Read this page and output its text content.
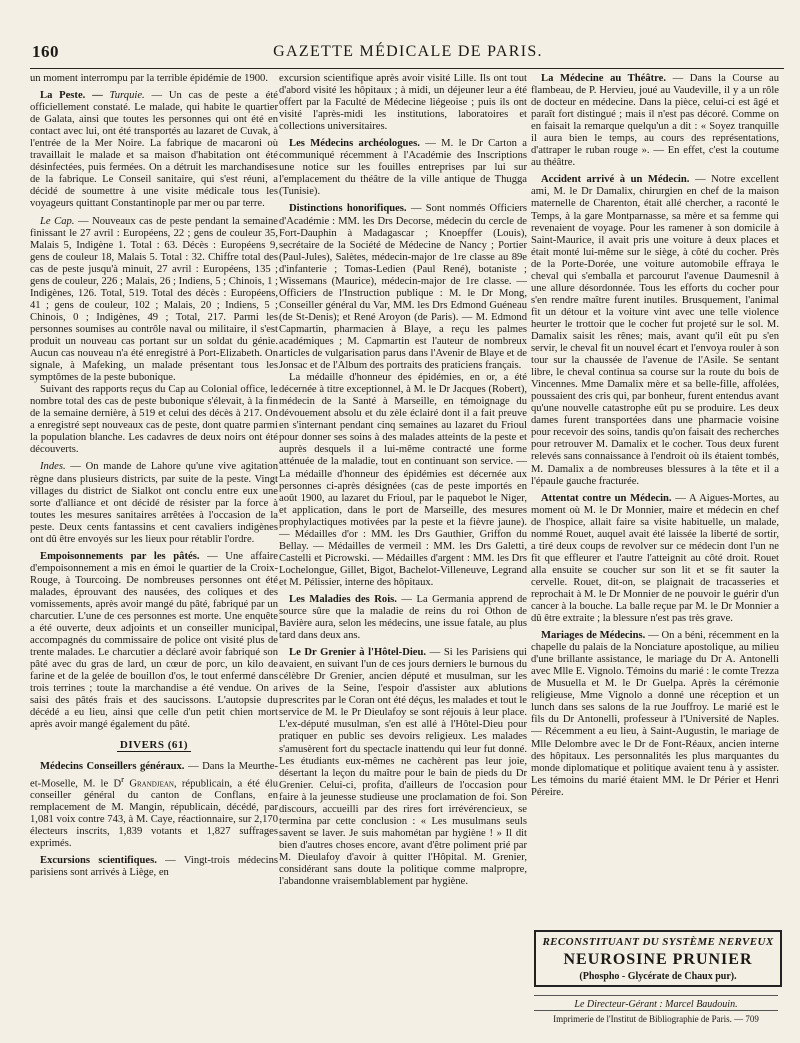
160	GAZETTE MÉDICALE DE PARIS.

un moment interrompu par la terrible épidémie de 1900.

La Peste. — Turquie. — Un cas de peste a été officiellement constaté. Le malade, qui habite le quartier de Galata, ainsi que toutes les personnes qui ont été en contact avec lui, ont été transportés au lazaret de Cuvak, à l'entrée de la Mer Noire. La fabrique de macaroni où travaillait le malade et sa maison d'habitation ont été désinfectées, puis fermées. On a détruit les marchandises de la fabrique. Le Conseil sanitaire, qui s'est réuni, a décidé de soumettre à une visite médicale tous les voyageurs quittant Constantinople par mer ou par terre.

Le Cap. — Nouveaux cas de peste pendant la semaine finissant le 27 avril : Européens, 22 ; gens de couleur 35, Malais 5, Indigène 1. Total : 63. Décès : Européens 9, gens de couleur 18, Malais 5. Total : 32. Chiffre total des cas de peste jusqu'à minuit, 27 avril : Européens, 135 ; gens de couleur, 226 ; Malais, 26 ; Indiens, 5 ; Chinois, 1 ; Indigènes, 126. Total, 519. Total des décès : Européens, 41 ; gens de couleur, 102 ; Malais, 20 ; Indiens, 5 ; Chinois, 0 ; Indigènes, 49 ; Total, 217. Parmi les personnes soumises au contrôle naval ou militaire, il s'est produit un nouveau cas portant sur un soldat du génie. Aucun cas nouveau n'a été enregistré à Port-Elizabeth. On signale, à Mafeking, un malade présentant tous les symptômes de la peste bubonique.

Suivant des rapports reçus du Cap au Colonial office, le nombre total des cas de peste bubonique s'élevait, à la fin de la semaine dernière, à 519 et celui des décès à 217. On a enregistré sept nouveaux cas de peste, dont quatre parmi la population blanche. Les cadavres de deux noirs ont été découverts.

Indes. — On mande de Lahore qu'une vive agitation règne dans plusieurs districts, par suite de la peste. Vingt villages du district de Sialkot ont conclu entre eux une sorte d'alliance et ont décidé de résister par la force à toutes les mesures sanitaires arrêtées à l'occasion de la peste. Deux cents fantassins et cent cavaliers indigènes ont dû être envoyés sur les lieux pour rétablir l'ordre.

Empoisonnements par les pâtés. — Une affaire d'empoisonnement a mis en émoi le quartier de la Croix-Rouge, à Tourcoing. De nombreuses personnes ont été malades, éprouvant des nausées, des coliques et des vomissements, après avoir mangé du pâté, fabriqué par un charcutier. L'une de ces personnes est morte. Une enquête a été ouverte, deux adjoints et un conseiller municipal, accompagnés du commissaire de police ont visité plus de trente malades. Le charcutier a déclaré avoir fabriqué son pâté avec du gras de lard, un cœur de porc, un kilo de farine et de la gelée de bouillon d'os, le tout enfermé dans trois terrines ; toute la marchandise a été vendue. On a saisi des pâtés frais et des saucissons. L'autopsie du décédé a eu lieu, ainsi que celle d'un petit chien mort après avoir mangé également du pâté.

DIVERS (61)

Médecins Conseillers généraux. — Dans la Meurthe-et-Moselle, M. le $D^r$ Grandjean, républicain, a été élu conseiller général du canton de Conflans, en remplacement de M. Mangin, républicain, décédé, par 1,081 voix contre 743, à M. Caye, réactionnaire, sur 2,170 électeurs inscrits, 1,839 votants et 1,827 suffrages exprimés.

Excursions scientifiques. — Vingt-trois médecins parisiens sont arrivés à Liège, en

excursion scientifique après avoir visité Lille. Ils ont tout d'abord visité les hôpitaux ; à midi, un déjeuner leur a été offert par la Faculté de Médecine liégeoise ; puis ils ont visité l'après-midi les institutions, laboratoires et collections universitaires.

Les Médecins archéologues. — M. le Dr Carton a communiqué récemment à l'Académie des Inscriptions une notice sur les fouilles entreprises par lui sur l'emplacement du théâtre de la ville antique de Thugga (Tunisie).

Distinctions honorifiques. — Sont nommés Officiers d'Académie : MM. les Drs Decorse, médecin du cercle de Fort-Dauphin à Madagascar ; Knoepffer (Louis), secrétaire de la Société de Médecine de Nancy ; Portier (Paul-Jules), Salètes, médecin-major de 1re classe au 89e d'infanterie ; Tomas-Ledien (Paul René), botaniste ; Wissemans (Maurice), médecin-major de 1re classe. — Officiers de l'Instruction publique : M. le Dr Mong, Conseiller général du Var, MM. les Drs Edmond Guéneau (de St-Denis); et René Aroyon (de Paris). — M. Edmond Capmartin, pharmacien à Blaye, a reçu les palmes académiques ; M. Capmartin est l'auteur de nombreux articles de vulgarisation parus dans l'Avenir de Blaye et de Jonsac et de l'Album des portraits des praticiens français.

La médaille d'honneur des épidémies, en or, a été décernée à titre exceptionnel, à M. le Dr Jacques (Robert), médecin de la Santé à Marseille, en témoignage du dévouement absolu et du zèle éclairé dont il a fait preuve en s'internant pendant cinq semaines au lazaret du Frioul pour donner ses soins à des malades atteints de la peste et auprès desquels il a lui-même contracté une forme atténuée de la maladie, tout en continuant son service. — La médaille d'honneur des épidémies est décernée aux personnes ci-après désignées (cas de peste importés en août 1900, au lazaret du Frioul, par le paquebot le Niger, et application, dans le port de Marseille, des mesures prophylactiques motivées par la peste et la fièvre jaune). — Médailles d'or : MM. les Drs Gauthier, Griffon du Bellay. — Médailles de vermeil : MM. les Drs Galetti, Castelli et Picrowski. — Médailles d'argent : MM. les Drs Lochelongue, Gillet, Bigot, Bachelot-Villeneuve, Legrand et M. Pélissier, interne des hôpitaux.

Les Maladies des Rois. — La Germania apprend de source sûre que la maladie de reins du roi Othon de Bavière aura, selon les médecins, une issue fatale, au plus tard dans deux ans.

Le Dr Grenier à l'Hôtel-Dieu. — Si les Parisiens qui avaient, en suivant l'un de ces jours derniers le burnous du célèbre Dr Grenier, ancien député et musulman, sur les rives de la Seine, l'espoir d'assister aux ablutions prescrites par le Coran ont été déçus, les malades et tout le service de M. le Pr Dieulafoy se sont réjouis à leur place. L'ex-député musulman, s'en est allé à l'Hôtel-Dieu pour pratiquer en public ses devoirs religieux. Les malades s'amusèrent fort du spectacle inattendu qui leur fut donné. Les étudiants eux-mêmes ne cachèrent pas leur joie, désertant la leçon du maître pour le bain de pieds du Dr Grenier. Celui-ci, profita, d'ailleurs de l'occasion pour faire à la jeunesse studieuse une proclamation de foi. Son discours, accueilli par des rires fort irrévérencieux, se termina par cette conclusion : « Les musulmans seuls savent se laver. Je suis mahométan par hygiène ! » Il dit bien d'autres choses encore, avant d'être poliment prié par M. Dieulafoy d'avoir à quitter l'Hôpital. M. Grenier, considérant sans doute la politique comme malpropre, l'abandonne vraisemblablement par hygiène.

La Médecine au Théâtre. — Dans la Course au flambeau, de P. Hervieu, joué au Vaudeville, il y a un rôle de docteur en médecine. Dans la pièce, celui-ci est âgé et paraît fort distingué ; mais il n'est pas décoré. Comme on en faisait la remarque quelqu'un a dit : « Soyez tranquille il aura bien le temps, au cours des représentations, d'attraper le ruban rouge ». — En effet, c'est la coutume au théâtre.

Accident arrivé à un Médecin. — Notre excellent ami, M. le Dr Damalix, chirurgien en chef de la maison maternelle de Charenton, était allé chercher, a raconté le Temps, à la gare Montparnasse, sa mère et sa femme qui revenaient de voyage. Pour les ramener à son domicile à Saint-Maurice, il avait pris une voiture à deux places et était monté lui-même sur le siège, à côté du cocher. Près de la Porte-Dorée, une voiture automobile effraya le cheval qui s'emballa et parcourut l'avenue Daumesnil à une allure désordonnée. Tous les efforts du cocher pour s'en rendre maître furent inutiles. Brusquement, l'animal fit un détour et la voiture vint avec une telle violence heurter le trottoir que le cocher fut projeté sur le sol. M. Damalix saisit les rênes; mais, avant qu'il eût pu s'en servir, le cheval fit un nouvel écart et l'envoya rouler à son tour sur la chaussée de l'avenue de l'Asile. Se sentant libre, le cheval continua sa course sur la route du bois de Vincennes. Mme Damalix mère et sa belle-fille, affolées, poussaient des cris qui, par bonheur, furent entendus avant qu'une nouvelle catastrophe eût pu se produire. Les deux dames furent transportées dans une pharmacie voisine pour recevoir des soins, tandis qu'on faisait des recherches pour retrouver M. Damalix et le cocher. Tous deux furent relevés sans connaissance à l'endroit où ils étaient tombés, M. Damalix a de nombreuses blessures à la tête et il a l'épaule gauche fracturée.

Attentat contre un Médecin. — A Aigues-Mortes, au moment où M. le Dr Monnier, maire et médecin en chef de l'hospice, allait faire sa visite habituelle, un malade, nommé Rouet, auquel avait été laissée la liberté de sortir, a tiré deux coups de revolver sur ce médecin dont l'un ne fit que effleurer et l'autre l'atteignit au côté droit. Rouet alla ensuite se coucher sur son lit et se fit sauter la cervelle. Rouet, dit-on, se plaignait de tracasseries et reprochait à M. le Dr Monnier de ne pouvoir le guérir d'un cancer à la bouche. La balle reçue par M. le Dr Monnier a dû être extraite ; la blessure n'est pas très grave.

Mariages de Médecins. — On a béni, récemment en la chapelle du palais de la Nonciature apostolique, au milieu d'une brillante assistance, le mariage du Dr A. Antonelli avec Mlle E. Vignolo. Témoins du marié : le comte Trezza de Musuella et M. le Dr Guelpa. Après la cérémonie religieuse, Mme Vignolo a donné une réception et un lunch dans ses salons de la rue Jouffroy. Le marié est le fils du Dr Antonelli, professeur à l'Université de Naples. — Récemment a eu lieu, à Saint-Augustin, le mariage de Mlle Delombre avec le Dr de Font-Réaux, ancien interne des hôpitaux. Les personnalités les plus marquantes du monde diplomatique et politique avaient tenu à y assister. Les témoins du marié étaient MM. le Dr Périer et Henri Péreire.

RECONSTITUANT DU SYSTÈME NERVEUX
NEUROSINE PRUNIER
(Phospho - Glycérate de Chaux pur).
Le Directeur-Gérant : Marcel Baudouin.
Imprimerie de l'Institut de Bibliographie de Paris. — 709
